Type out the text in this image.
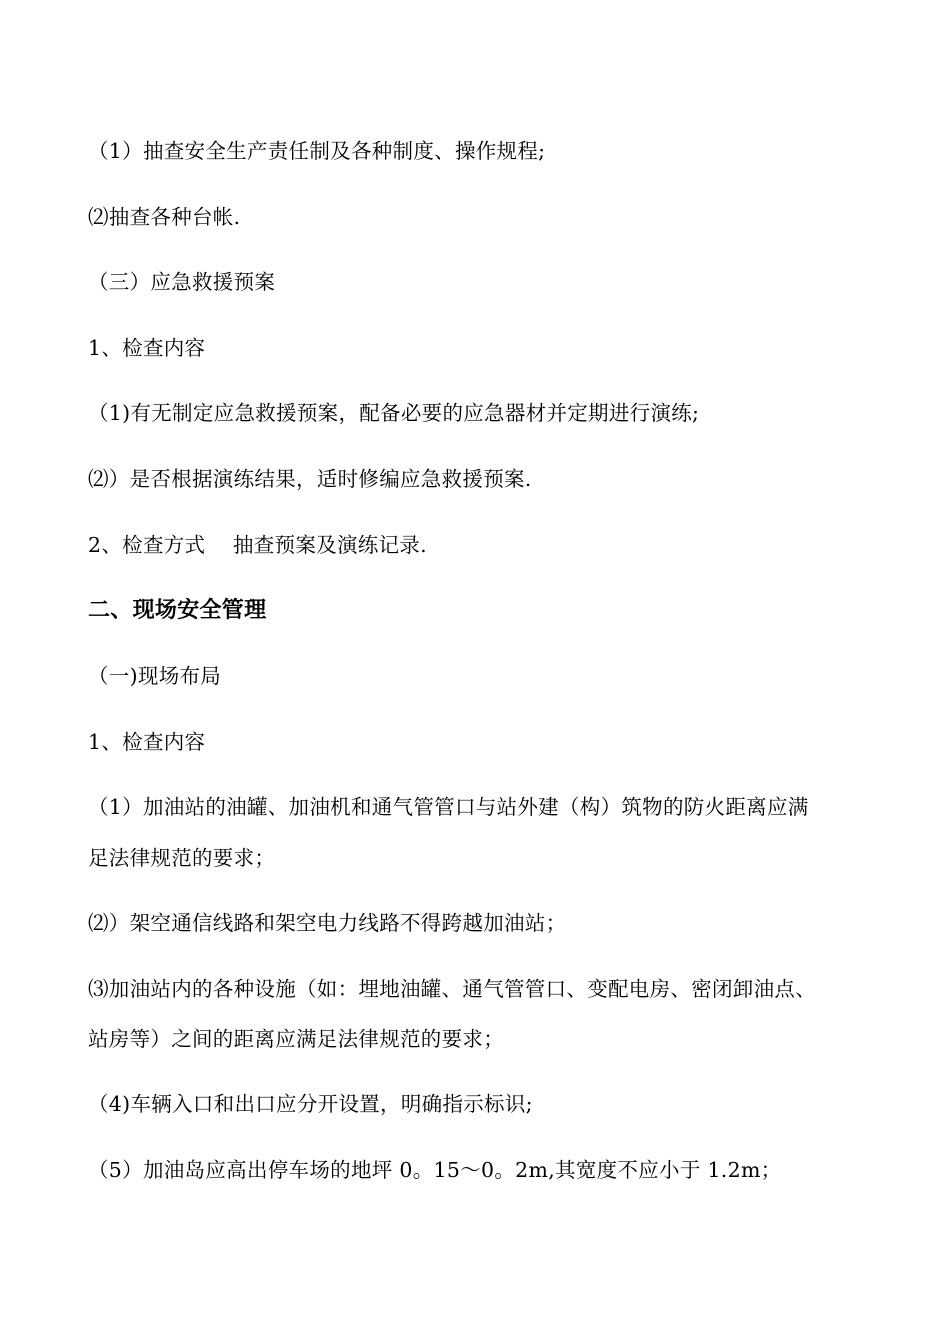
（1）抽查安全生产责任制及各种制度、操作规程;
⑵抽查各种台帐.
（三）应急救援预案
1、检查内容
（1)有无制定应急救援预案，配备必要的应急器材并定期进行演练;
⑵）是否根据演练结果，适时修编应急救援预案.
2、检查方式　 抽查预案及演练记录.
二、现场安全管理
（一)现场布局
1、检查内容
（1）加油站的油罐、加油机和通气管管口与站外建（构）筑物的防火距离应满
足法律规范的要求；
⑵）架空通信线路和架空电力线路不得跨越加油站；
⑶加油站内的各种设施（如：埋地油罐、通气管管口、变配电房、密闭卸油点、
站房等）之间的距离应满足法律规范的要求；
（4)车辆入口和出口应分开设置，明确指示标识;
（5）加油岛应高出停车场的地坪 0。15～0。2m,其宽度不应小于 1.2m；
